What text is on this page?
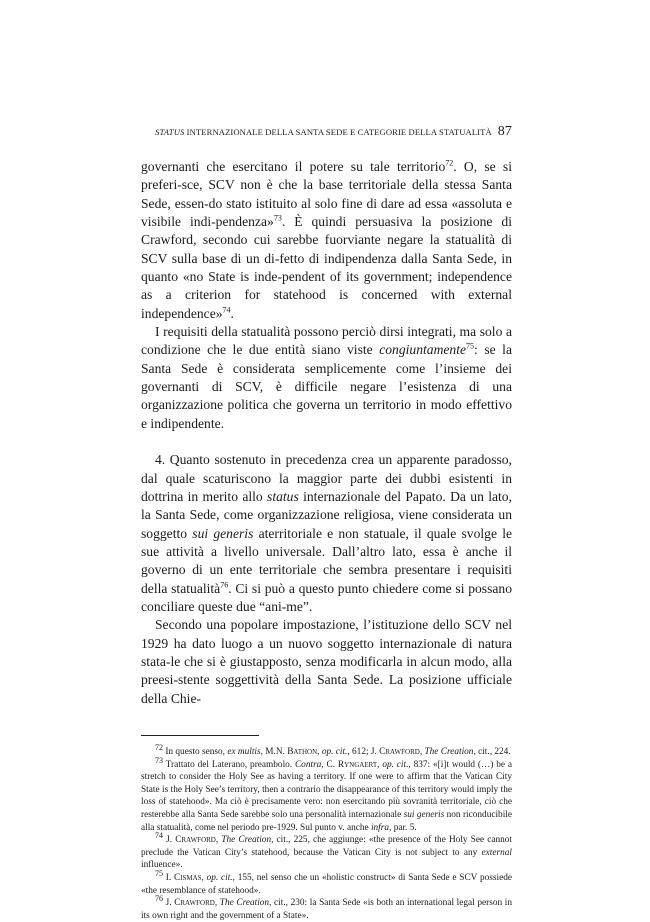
STATUS INTERNAZIONALE DELLA SANTA SEDE E CATEGORIE DELLA STATUALITÀ 87

governanti che esercitano il potere su tale territorio$^{72}$. O, se si preferi-sce, SCV non è che la base territoriale della stessa Santa Sede, essen-do stato istituito al solo fine di dare ad essa «assoluta e visibile indi-pendenza»$^{73}$. È quindi persuasiva la posizione di Crawford, secondo cui sarebbe fuorviante negare la statualità di SCV sulla base di un di-fetto di indipendenza dalla Santa Sede, in quanto «no State is inde-pendent of its government; independence as a criterion for statehood is concerned with external independence»$^{74}$.

I requisiti della statualità possono perciò dirsi integrati, ma solo a condizione che le due entità siano viste congiuntamente$^{75}$: se la Santa Sede è considerata semplicemente come l’insieme dei governanti di SCV, è difficile negare l’esistenza di una organizzazione politica che governa un territorio in modo effettivo e indipendente.

4. Quanto sostenuto in precedenza crea un apparente paradosso, dal quale scaturiscono la maggior parte dei dubbi esistenti in dottrina in merito allo status internazionale del Papato. Da un lato, la Santa Sede, come organizzazione religiosa, viene considerata un soggetto sui generis aterritoriale e non statuale, il quale svolge le sue attività a livello universale. Dall’altro lato, essa è anche il governo di un ente territoriale che sembra presentare i requisiti della statualità$^{76}$. Ci si può a questo punto chiedere come si possano conciliare queste due “ani-me”.

Secondo una popolare impostazione, l’istituzione dello SCV nel 1929 ha dato luogo a un nuovo soggetto internazionale di natura stata-le che si è giustapposto, senza modificarla in alcun modo, alla preesi-stente soggettività della Santa Sede. La posizione ufficiale della Chie-

$^{72}$ In questo senso, ex multis, M.N. Bathon, op. cit., 612; J. Crawford, The Creation, cit., 224.

$^{73}$ Trattato del Laterano, preambolo. Contra, C. Ryngaert, op. cit., 837: «[i]t would (…) be a stretch to consider the Holy See as having a territory. If one were to affirm that the Vatican City State is the Holy See’s territory, then a contrario the disappearance of this territory would imply the loss of statehood». Ma ciò è precisamente vero: non esercitando più sovranità territoriale, ciò che resterebbe alla Santa Sede sarebbe solo una personalità internazionale sui generis non riconducibile alla statualità, come nel periodo pre-1929. Sul punto v. anche infra, par. 5.

$^{74}$ J. Crawford, The Creation, cit., 225, che aggiunge: «the presence of the Holy See cannot preclude the Vatican City’s statehood, because the Vatican City is not subject to any external influence».

$^{75}$ I. Cismas, op. cit., 155, nel senso che un «holistic construct» di Santa Sede e SCV possiede «the resemblance of statehood».

$^{76}$ J. Crawford, The Creation, cit., 230: la Santa Sede «is both an international legal person in its own right and the government of a State».
